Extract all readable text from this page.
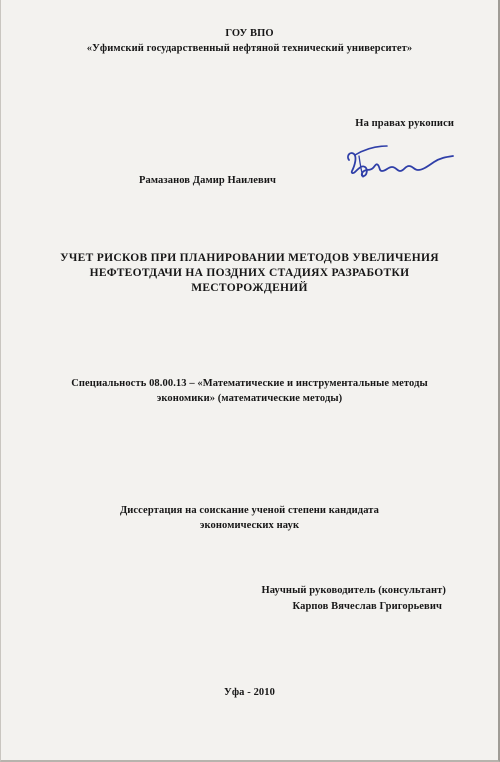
ГОУ ВПО
«Уфимский государственный нефтяной технический университет»
На правах рукописи
Рамазанов Дамир Наилевич
УЧЕТ РИСКОВ ПРИ ПЛАНИРОВАНИИ МЕТОДОВ УВЕЛИЧЕНИЯ
НЕФТЕОТДАЧИ НА ПОЗДНИХ СТАДИЯХ РАЗРАБОТКИ
МЕСТОРОЖДЕНИЙ
Специальность 08.00.13 – «Математические и инструментальные методы
экономики» (математические методы)
Диссертация на соискание ученой степени кандидата
экономических наук
Научный руководитель (консультант)
Карпов Вячеслав Григорьевич
Уфа - 2010
